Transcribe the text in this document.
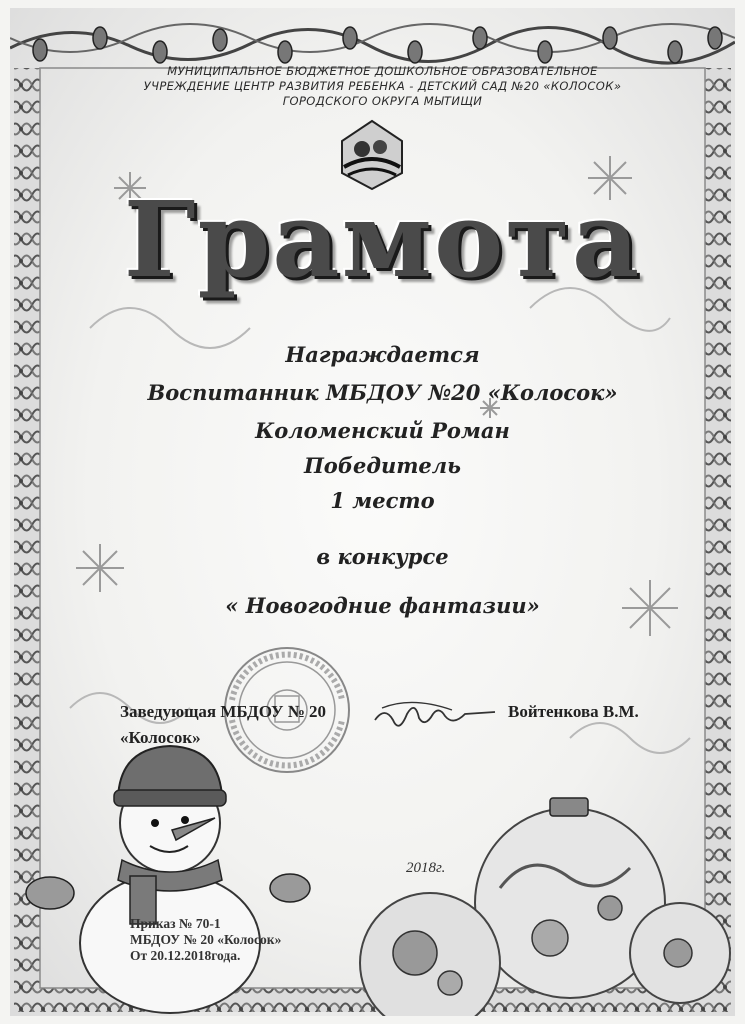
МУНИЦИПАЛЬНОЕ БЮДЖЕТНОЕ ДОШКОЛЬНОЕ ОБРАЗОВАТЕЛЬНОЕ
УЧРЕЖДЕНИЕ ЦЕНТР РАЗВИТИЯ РЕБЕНКА - ДЕТСКИЙ САД №20 «КОЛОСОК»
ГОРОДСКОГО ОКРУГА МЫТИЩИ
Грамота
Награждается
Воспитанник МБДОУ №20 «Колосок»
Коломенский Роман
Победитель
1 место
в конкурсе
« Новогодние фантазии»
Заведующая МБДОУ № 20
«Колосок»
Войтенкова В.М.
2018г.
Приказ № 70-1
МБДОУ № 20 «Колосок»
От 20.12.2018года.
